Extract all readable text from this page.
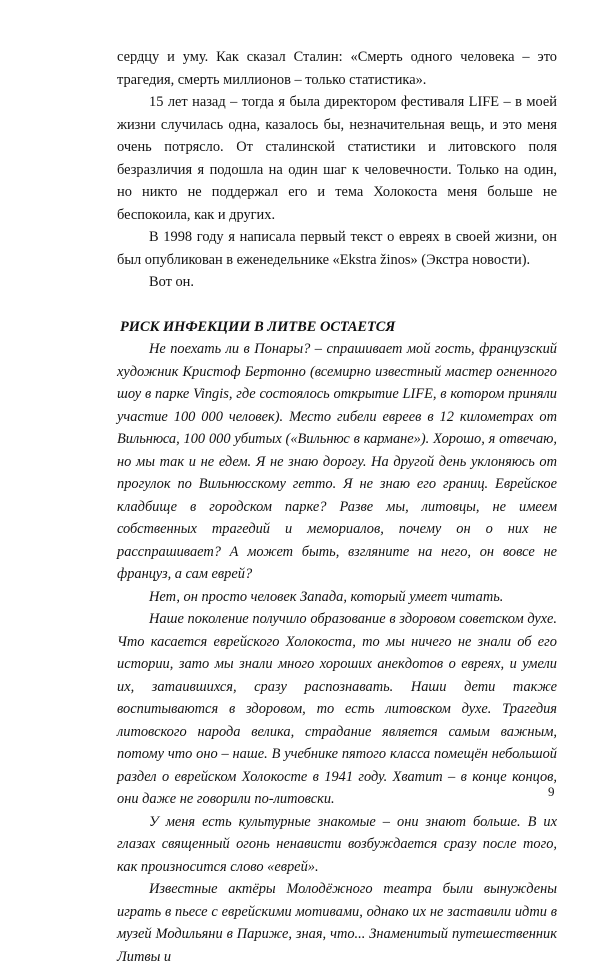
сердцу и уму. Как сказал Сталин: «Смерть одного человека – это трагедия, смерть миллионов – только статистика».

15 лет назад – тогда я была директором фестиваля LIFE – в моей жизни случилась одна, казалось бы, незначительная вещь, и это меня очень потрясло. От сталинской статистики и литовского поля безразличия я подошла на один шаг к человечности. Только на один, но никто не поддержал его и тема Холокоста меня больше не беспокоила, как и других.

В 1998 году я написала первый текст о евреях в своей жизни, он был опубликован в еженедельнике «Ekstra žinos» (Экстра новости).

Вот он.

РИСК ИНФЕКЦИИ В ЛИТВЕ ОСТАЕТСЯ

Не поехать ли в Понары? – спрашивает мой гость, французский художник Кристоф Бертонно (всемирно известный мастер огненного шоу в парке Vingis, где состоялось открытие LIFE, в котором приняли участие 100 000 человек). Место гибели евреев в 12 километрах от Вильнюса, 100 000 убитых («Вильнюс в кармане»). Хорошо, я отвечаю, но мы так и не едем. Я не знаю дорогу. На другой день уклоняюсь от прогулок по Вильнюсскому гетто. Я не знаю его границ. Еврейское кладбище в городском парке? Разве мы, литовцы, не имеем собственных трагедий и мемориалов, почему он о них не расспрашивает? А может быть, взгляните на него, он вовсе не француз, а сам еврей?

Нет, он просто человек Запада, который умеет читать.

Наше поколение получило образование в здоровом советском духе. Что касается еврейского Холокоста, то мы ничего не знали об его истории, зато мы знали много хороших анекдотов о евреях, и умели их, затаившихся, сразу распознавать. Наши дети также воспитываются в здоровом, то есть литовском духе. Трагедия литовского народа велика, страдание является самым важным, потому что оно – наше. В учебнике пятого класса помещён небольшой раздел о еврейском Холокосте в 1941 году. Хватит – в конце концов, они даже не говорили по-литовски.

У меня есть культурные знакомые – они знают больше. В их глазах священный огонь ненависти возбуждается сразу после того, как произносится слово «еврей».

Известные актёры Молодёжного театра были вынуждены играть в пьесе с еврейскими мотивами, однако их не заставили идти в музей Модильяни в Париже, зная, что... Знаменитый путешественник Литвы и

9
